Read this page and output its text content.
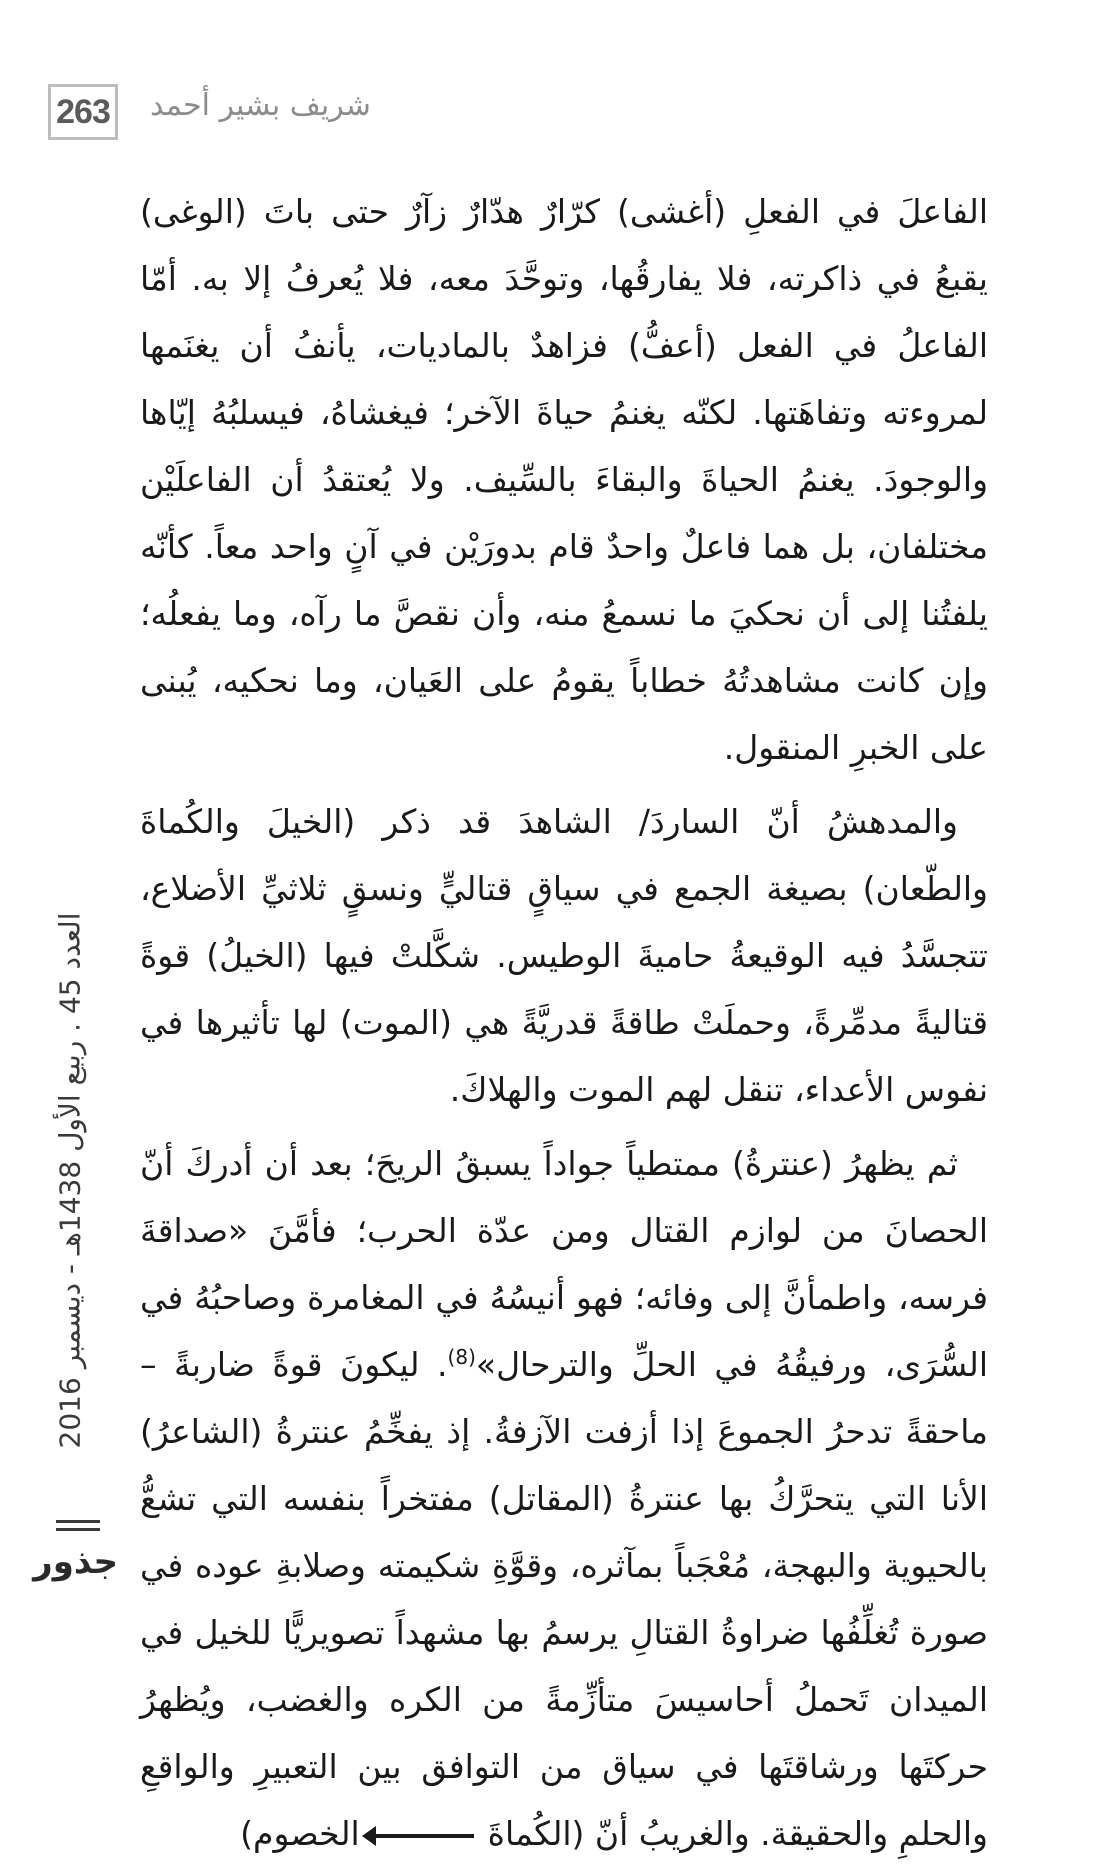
263 شريف بشير أحمد

الفاعلَ في الفعلِ (أغشى) كرّارٌ هدّارٌ زآرٌ حتى باتَ (الوغى) يقبعُ في ذاكرته، فلا يفارقُها، وتوحَّدَ معه، فلا يُعرفُ إلا به. أمّا الفاعلُ في الفعل (أعفُّ) فزاهدٌ بالماديات، يأنفُ أن يغنَمها لمروءته وتفاهَتها. لكنّه يغنمُ حياةَ الآخر؛ فيغشاهُ، فيسلبُهُ إيّاها والوجودَ. يغنمُ الحياةَ والبقاءَ بالسِّيف. ولا يُعتقدُ أن الفاعلَيْن مختلفان، بل هما فاعلٌ واحدٌ قام بدورَيْن في آنٍ واحد معاً. كأنّه يلفتُنا إلى أن نحكيَ ما نسمعُ منه، وأن نقصَّ ما رآه، وما يفعلُه؛ وإن كانت مشاهدتُهُ خطاباً يقومُ على العَيان، وما نحكيه، يُبنى على الخبرِ المنقول.

والمدهشُ أنّ الساردَ/ الشاهدَ قد ذكر (الخيلَ والكُماةَ والطّعان) بصيغة الجمع في سياقٍ قتاليٍّ ونسقٍ ثلاثيِّ الأضلاع، تتجسَّدُ فيه الوقيعةُ حاميةَ الوطيس. شكَّلتْ فيها (الخيلُ) قوةً قتاليةً مدمِّرةً، وحملَتْ طاقةً قدريَّةً هي (الموت) لها تأثيرها في نفوس الأعداء، تنقل لهم الموت والهلاكَ.

ثم يظهرُ (عنترةُ) ممتطياً جواداً يسبقُ الريحَ؛ بعد أن أدركَ أنّ الحصانَ من لوازم القتال ومن عدّة الحرب؛ فأمَّنَ «صداقةَ فرسه، واطمأنَّ إلى وفائه؛ فهو أنيسُهُ في المغامرة وصاحبُهُ في السُّرَى، ورفيقُهُ في الحلِّ والترحال»$^{(8)}$. ليكونَ قوةً ضاربةً – ماحقةً تدحرُ الجموعَ إذا أزفت الآزفةُ. إذ يفخِّمُ عنترةُ (الشاعرُ) الأنا التي يتحرَّكُ بها عنترةُ (المقاتل) مفتخراً بنفسه التي تشعُّ بالحيوية والبهجة، مُعْجَباً بمآثره، وقوَّةِ شكيمته وصلابةِ عوده في صورة تُغلِّفُها ضراوةُ القتالِ يرسمُ بها مشهداً تصويريًّا للخيل في الميدان تَحملُ أحاسيسَ متأزِّمةً من الكره والغضب، ويُظهرُ حركتَها ورشاقتَها في سياق من التوافق بين التعبيرِ والواقعِ والحلمِ والحقيقة. والغريبُ أنّ (الكُماةَالخصوم)

العدد 45 . ربيع الأول 1438هـ - ديسمبر 2016
جذور
